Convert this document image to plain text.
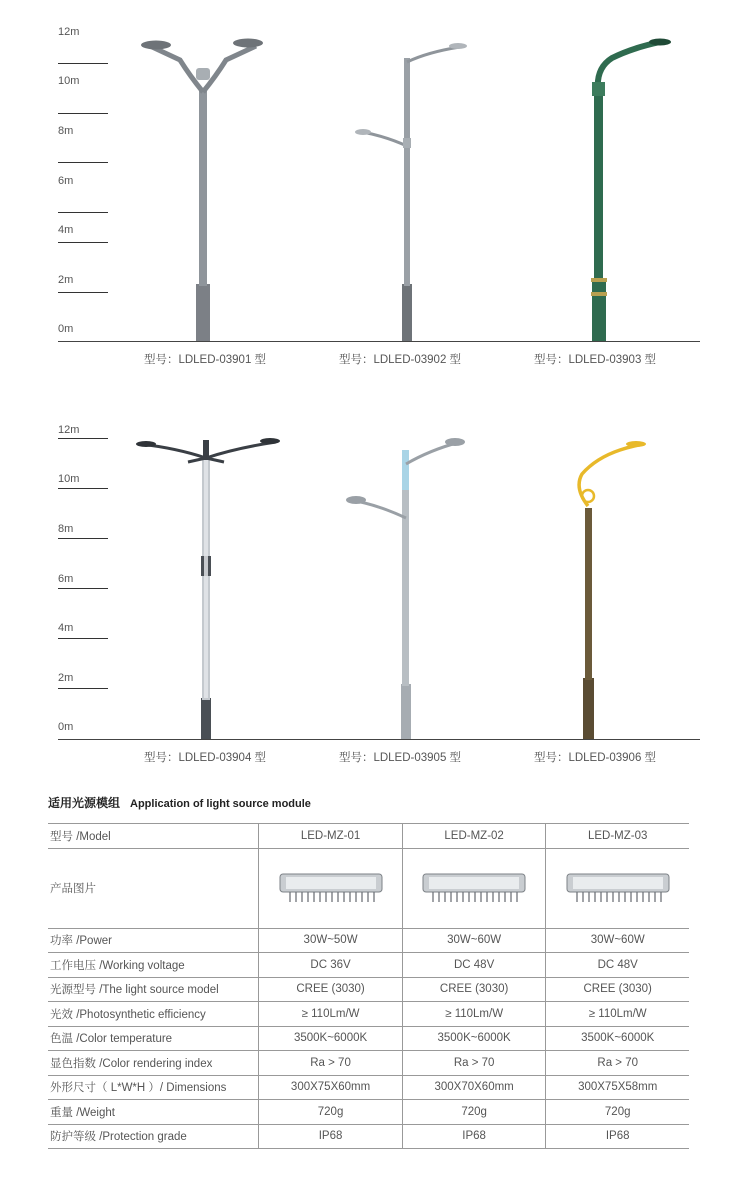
12m
10m
8m
6m
4m
2m
0m
型号：LDLED-03901 型	型号：LDLED-03902 型	型号：LDLED-03903 型
12m
10m
8m
6m
4m
2m
0m
型号：LDLED-03904 型	型号：LDLED-03905 型	型号：LDLED-03906 型
适用光源模组 Application of light source module
型号 /Model	LED-MZ-01	LED-MZ-02	LED-MZ-03
产品图片	

功率 /Power	30W~50W	30W~60W	30W~60W
工作电压 /Working voltage	DC 36V	DC 48V	DC 48V
光源型号 /The light source model	CREE (3030)	CREE (3030)	CREE (3030)
光效 /Photosynthetic efficiency	≥ 110Lm/W	≥ 110Lm/W	≥ 110Lm/W
色温 /Color temperature	3500K~6000K	3500K~6000K	3500K~6000K
显色指数 /Color rendering index	Ra > 70	Ra > 70	Ra > 70
外形尺寸（ L*W*H ）/ Dimensions	300X75X60mm	300X70X60mm	300X75X58mm
重量 /Weight	720g	720g	720g
防护等级 /Protection grade	IP68	IP68	IP68
